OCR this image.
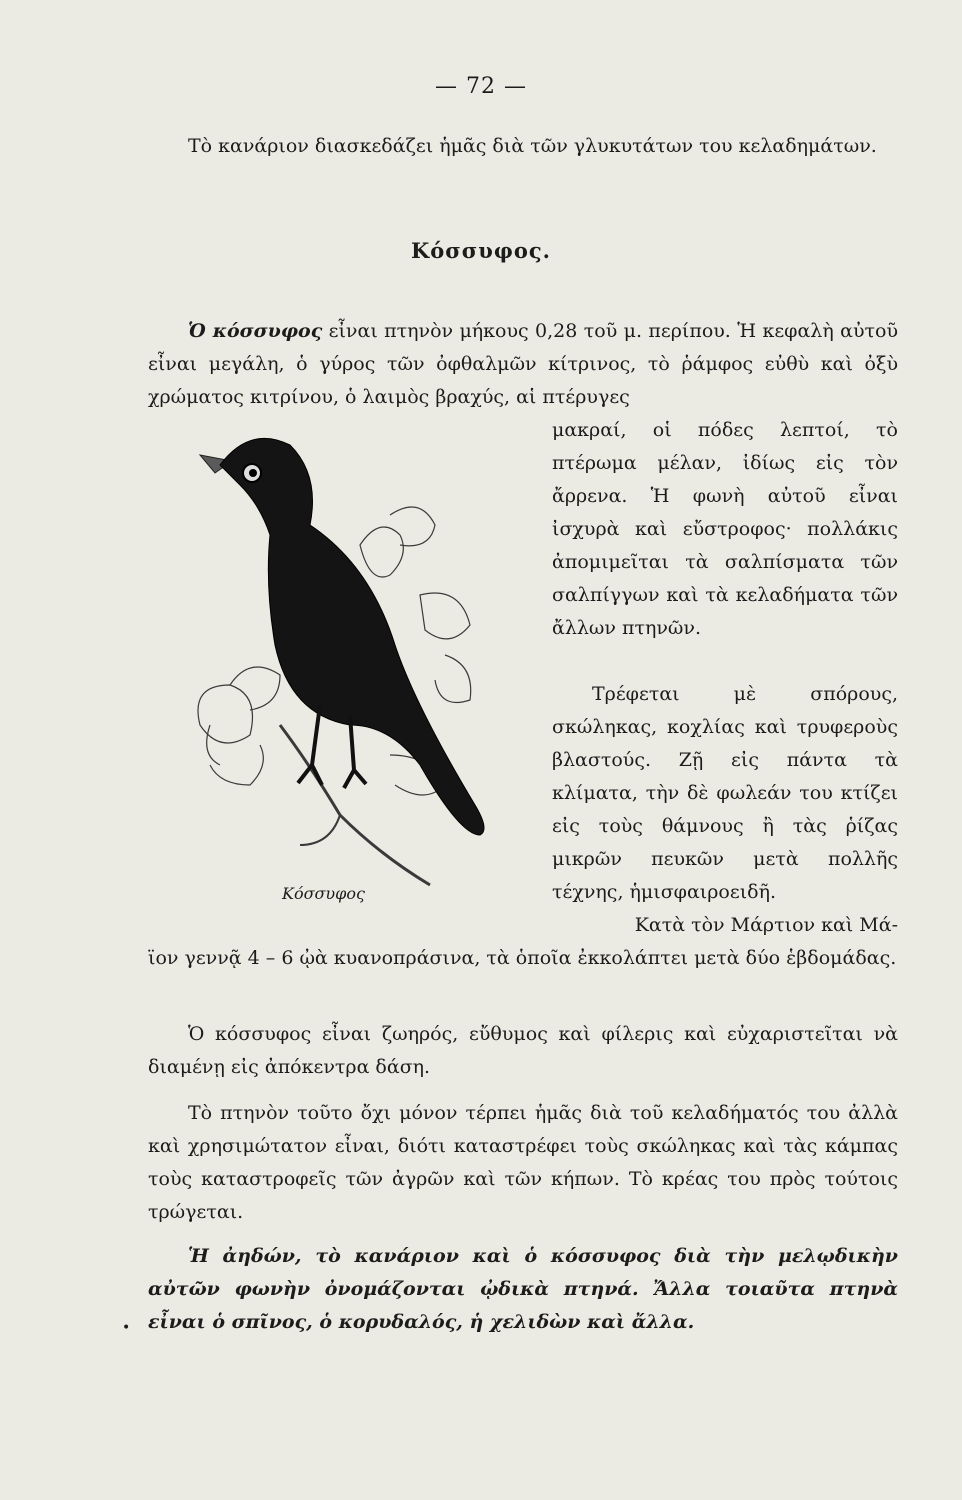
— 72 —

Τὸ κανάριον διασκεδάζει ἡμᾶς διὰ τῶν γλυκυτάτων του κελαδημάτων.

Κόσσυφος.

Ὁ κόσσυφος εἶναι πτηνὸν μήκους 0,28 τοῦ μ. περίπου. Ἡ κεφαλὴ αὐτοῦ εἶναι μεγάλη, ὁ γύρος τῶν ὀφθαλμῶν κίτρινος, τὸ ῥάμφος εὐθὺ καὶ ὀξὺ χρώματος κιτρίνου, ὁ λαιμὸς βραχύς, αἱ πτέρυγες

μακραί, οἱ πόδες λεπτοί, τὸ πτέρωμα μέλαν, ἰδίως εἰς τὸν ἄρρενα. Ἡ φωνὴ αὐτοῦ εἶναι ἰσχυρὰ καὶ εὔστροφος· πολλάκις ἀπομιμεῖται τὰ σαλπίσματα τῶν σαλπίγγων καὶ τὰ κελαδήματα τῶν ἄλλων πτηνῶν.

Τρέφεται μὲ σπόρους, σκώληκας, κοχλίας καὶ τρυφεροὺς βλαστούς. Ζῇ εἰς πάντα τὰ κλίματα, τὴν δὲ φωλεάν του κτίζει εἰς τοὺς θάμνους ἢ τὰς ῥίζας μικρῶν πευκῶν μετὰ πολλῆς τέχνης, ἡμισφαιροειδῆ.

Κατὰ τὸν Μάρτιον καὶ Μά-

ϊον γεννᾷ 4 – 6 ᾠὰ κυανοπράσινα, τὰ ὁποῖα ἐκκολάπτει μετὰ δύο ἑβδομάδας.

Κόσσυφος

Ὁ κόσσυφος εἶναι ζωηρός, εὔθυμος καὶ φίλερις καὶ εὐχαριστεῖται νὰ διαμένῃ εἰς ἀπόκεντρα δάση.

Τὸ πτηνὸν τοῦτο ὄχι μόνον τέρπει ἡμᾶς διὰ τοῦ κελαδήματός του ἀλλὰ καὶ χρησιμώτατον εἶναι, διότι καταστρέφει τοὺς σκώληκας καὶ τὰς κάμπας τοὺς καταστροφεῖς τῶν ἀγρῶν καὶ τῶν κήπων. Τὸ κρέας του πρὸς τούτοις τρώγεται.

Ἡ ἀηδών, τὸ κανάριον καὶ ὁ κόσσυφος διὰ τὴν μελῳδικὴν αὐτῶν φωνὴν ὀνομάζονται ᾠδικὰ πτηνά. Ἄλλα τοιαῦτα πτηνὰ εἶναι ὁ σπῖνος, ὁ κορυδαλός, ἡ χελιδὼν καὶ ἄλλα.

•
